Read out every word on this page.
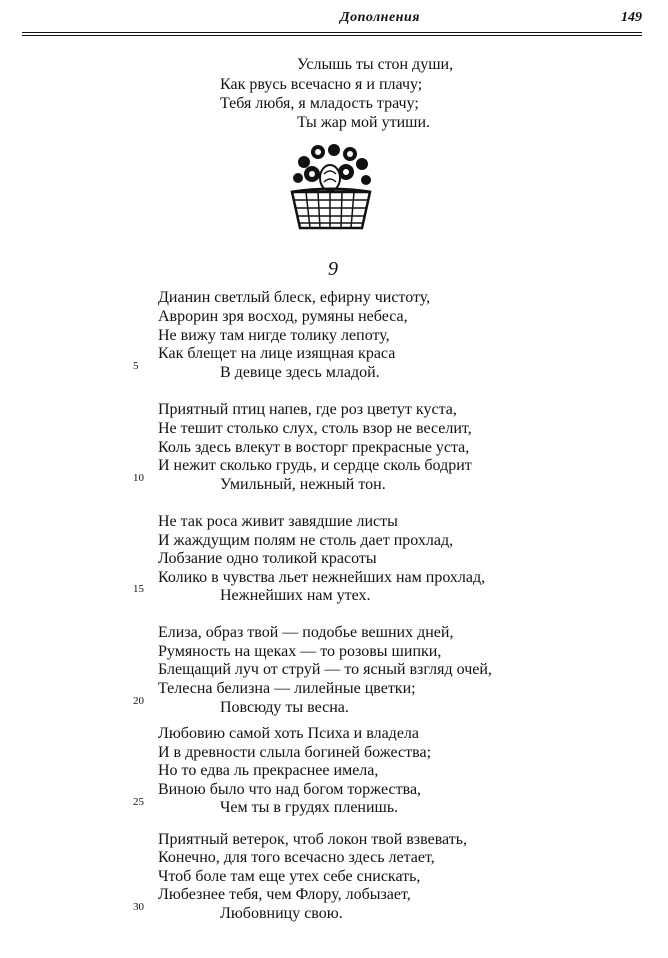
Дополнения	149
Услышь ты стон души,
Как рвусь всечасно я и плачу;
Тебя любя, я младость трачу;
Ты жар мой утиши.
9
Дианин светлый блеск, ефирну чистоту,
Аврорин зря восход, румяны небеса,
Не вижу там нигде толику лепоту,
Как блещет на лице изящная краса
В девице здесь младой.
5
Приятный птиц напев, где роз цветут куста,
Не тешит столько слух, столь взор не веселит,
Коль здесь влекут в восторг прекрасные уста,
И нежит сколько грудь, и сердце сколь бодрит
Умильный, нежный тон.
10
Не так роса живит завядшие листы
И жаждущим полям не столь дает прохлад,
Лобзание одно толикой красоты
Колико в чувства льет нежнейших нам прохлад,
Нежнейших нам утех.
15
Елиза, образ твой — подобье вешних дней,
Румяность на щеках — то розовы шипки,
Блещащий луч от струй — то ясный взгляд очей,
Телесна белизна — лилейные цветки;
Повсюду ты весна.
20
Любовию самой хоть Психа и владела
И в древности слыла богиней божества;
Но то едва ль прекраснее имела,
Виною было что над богом торжества,
Чем ты в грудях пленишь.
25
Приятный ветерок, чтоб локон твой взвевать,
Конечно, для того всечасно здесь летает,
Чтоб боле там еще утех себе снискать,
Любезнее тебя, чем Флору, лобызает,
Любовницу свою.
30
